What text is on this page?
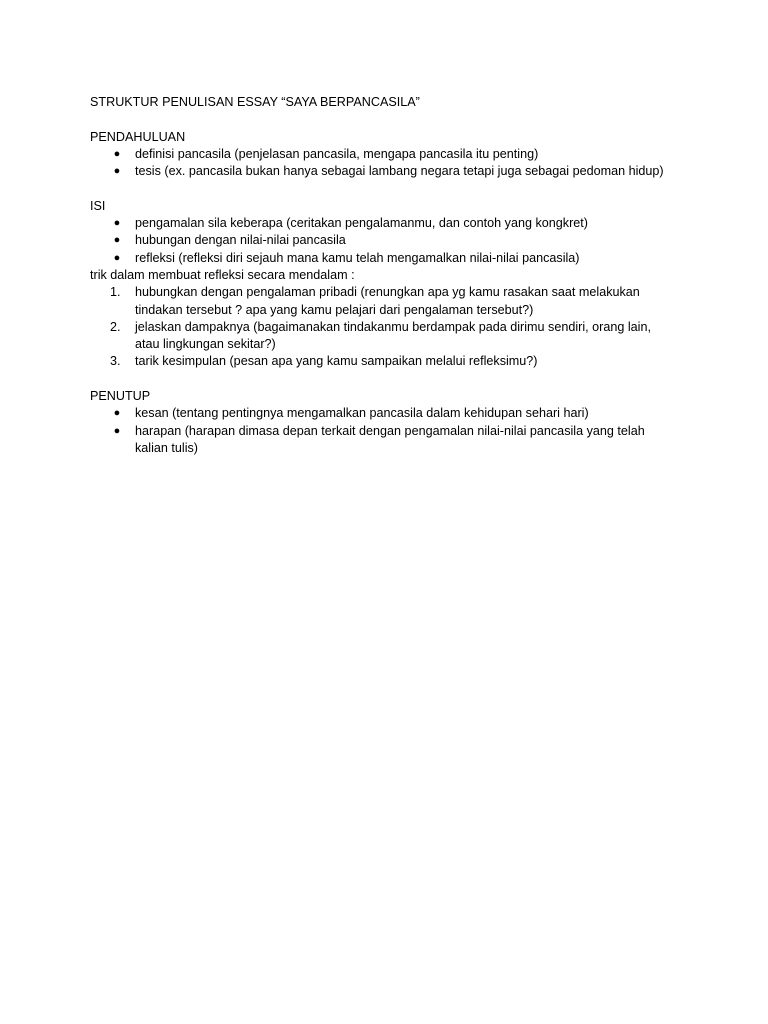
STRUKTUR PENULISAN ESSAY “SAYA BERPANCASILA”

PENDAHULUAN

● definisi pancasila (penjelasan pancasila, mengapa pancasila itu penting)
● tesis (ex. pancasila bukan hanya sebagai lambang negara tetapi juga sebagai pedoman hidup)

ISI

● pengamalan sila keberapa (ceritakan pengalamanmu, dan contoh yang kongkret)
● hubungan dengan nilai-nilai pancasila
● refleksi (refleksi diri sejauh mana kamu telah mengamalkan nilai-nilai pancasila)

trik dalam membuat refleksi secara mendalam :

1.	hubungkan dengan pengalaman pribadi (renungkan apa yg kamu rasakan saat melakukan
tindakan tersebut ? apa yang kamu pelajari dari pengalaman tersebut?)
2.	jelaskan dampaknya (bagaimanakan tindakanmu berdampak pada dirimu sendiri, orang lain,
atau lingkungan sekitar?)
3.	tarik kesimpulan (pesan apa yang kamu sampaikan melalui refleksimu?)

PENUTUP

● kesan (tentang pentingnya mengamalkan pancasila dalam kehidupan sehari hari)
● harapan (harapan dimasa depan terkait dengan pengamalan nilai-nilai pancasila yang telah
kalian tulis)
